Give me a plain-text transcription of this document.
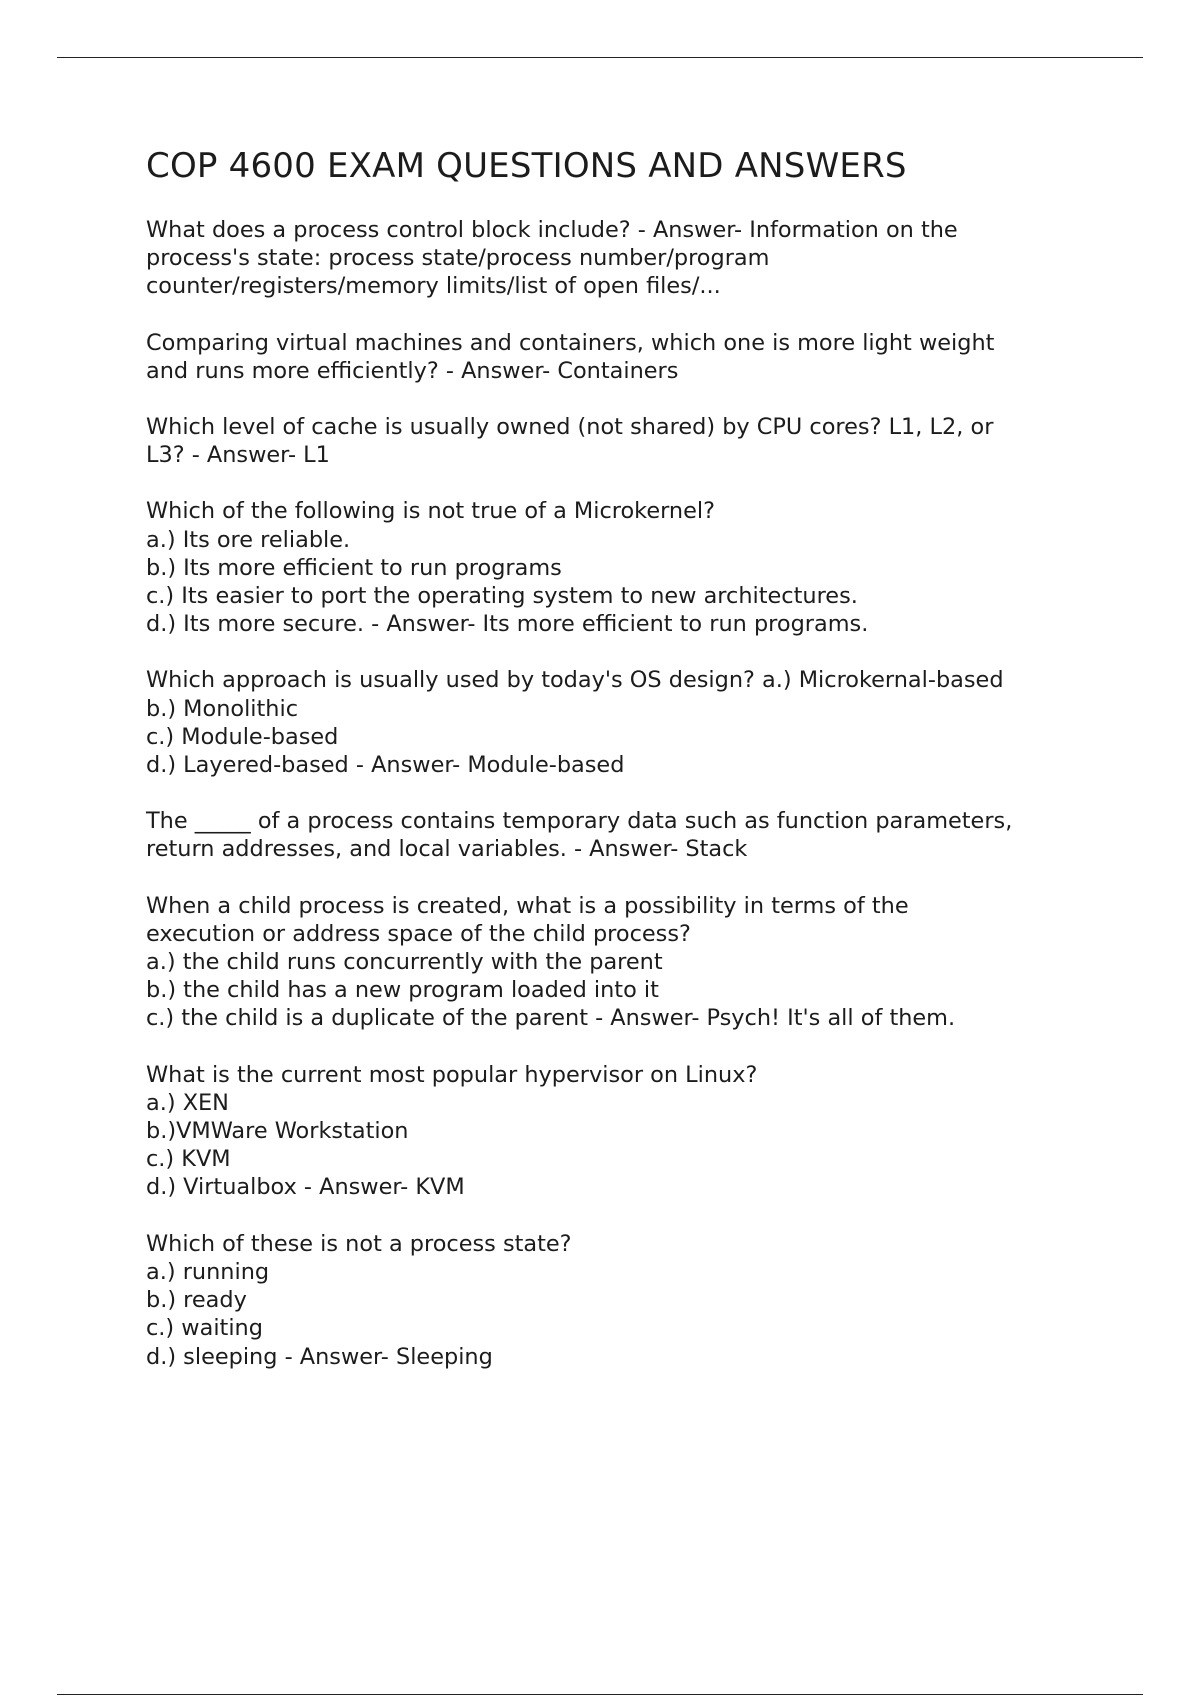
COP 4600 EXAM QUESTIONS AND ANSWERS

What does a process control block include? - Answer- Information on the
process's state: process state/process number/program
counter/registers/memory limits/list of open files/...

Comparing virtual machines and containers, which one is more light weight
and runs more efficiently? - Answer- Containers

Which level of cache is usually owned (not shared) by CPU cores? L1, L2, or
L3? - Answer- L1

Which of the following is not true of a Microkernel?
a.) Its ore reliable.
b.) Its more efficient to run programs
c.) Its easier to port the operating system to new architectures.
d.) Its more secure. - Answer- Its more efficient to run programs.

Which approach is usually used by today's OS design? a.) Microkernal-based
b.) Monolithic
c.) Module-based
d.) Layered-based - Answer- Module-based

The _____ of a process contains temporary data such as function parameters,
return addresses, and local variables. - Answer- Stack

When a child process is created, what is a possibility in terms of the
execution or address space of the child process?
a.) the child runs concurrently with the parent
b.) the child has a new program loaded into it
c.) the child is a duplicate of the parent - Answer- Psych! It's all of them.

What is the current most popular hypervisor on Linux?
a.) XEN
b.)VMWare Workstation
c.) KVM
d.) Virtualbox - Answer- KVM

Which of these is not a process state?
a.) running
b.) ready
c.) waiting
d.) sleeping - Answer- Sleeping
